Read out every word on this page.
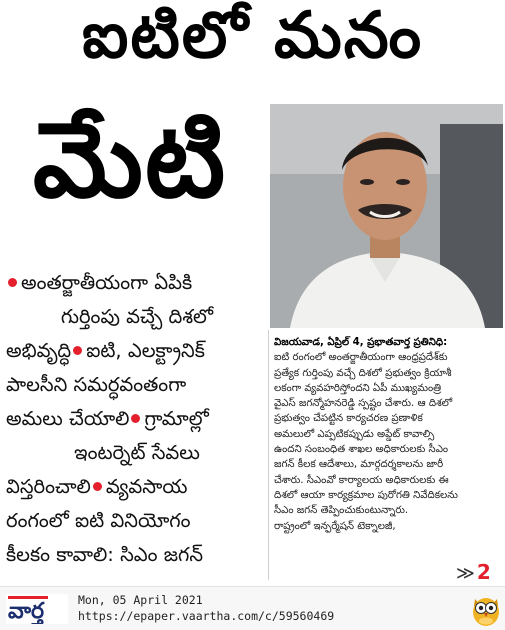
ఐటిలో మనం
మేటి
అంతర్జాతీయంగా ఏపికి
గుర్తింపు వచ్చే దిశలో
అభివృద్ధి ఐటి, ఎలక్ట్రానిక్
పాలసీని సమర్ధవంతంగా
అమలు చేయాలి గ్రామాల్లో
ఇంటర్నెట్ సేవలు
విస్తరించాలి వ్యవసాయ
రంగంలో ఐటి వినియోగం
కీలకం కావాలి: సిఎం జగన్
విజయవాడ, ఏప్రిల్ 4, ప్రభాతవార్త ప్రతినిధి:
ఐటి రంగంలో అంతర్జాతీయంగా ఆంధ్రప్రదేశ్‌కు
ప్రత్యేక గుర్తింపు వచ్చే దిశలో ప్రభుత్వం క్రియాశీ
లకంగా వ్యవహరిస్తోందని ఏపీ ముఖ్యమంత్రి
వైఎస్ జగన్మోహనరెడ్డి స్పష్టం చేశారు. ఆ దిశలో
ప్రభుత్వం చేపట్టిన కార్యచరణ ప్రణాళిక
అమలులో ఎప్పటికప్పుడు అప్డేట్ కావాల్సి
ఉందని సంబంధిత శాఖల అధికారులకు సీఎం
జగన్ కీలక ఆదేశాలు, మార్గదర్శకాలను జారీ
చేశారు. సీఎంవో కార్యాలయ అధికారులకు ఈ
దిశలో ఆయా కార్యక్రమాల పురోగతి నివేదికలను
సీఎం జగన్ తెప్పించుకుంటున్నారు.
రాష్ట్రంలో ఇన్ఫర్మేషన్ టెక్నాలజీ,
≫ 2
వార్త	Mon, 05 April 2021
https://epaper.vaartha.com/c/59560469
